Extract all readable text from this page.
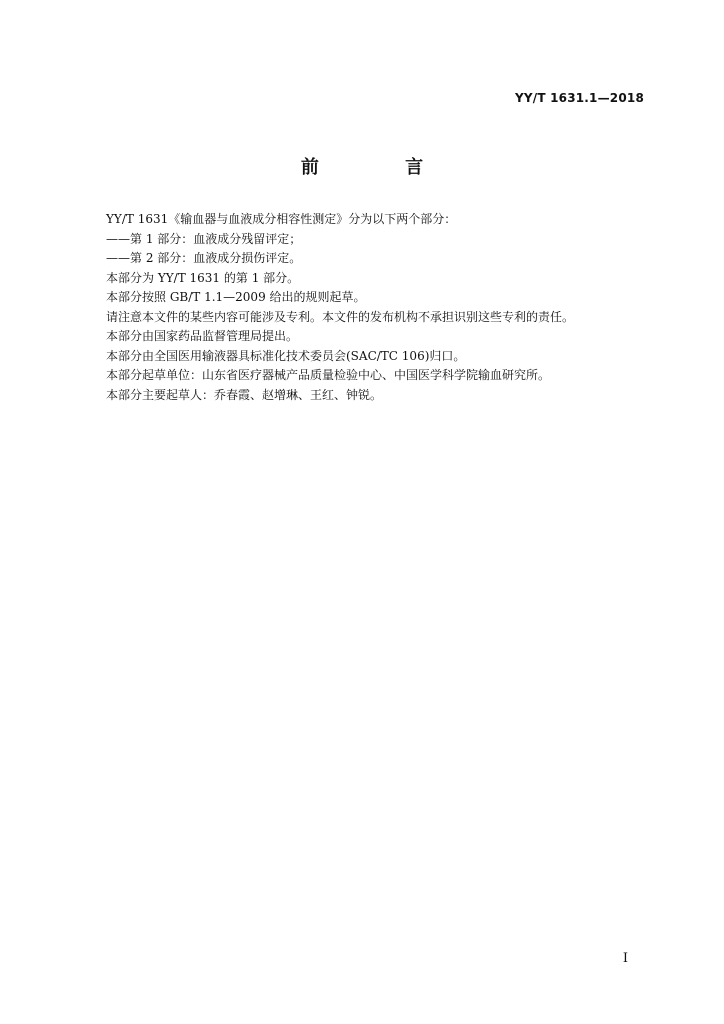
YY/T 1631.1—2018
前 言
YY/T 1631《输血器与血液成分相容性测定》分为以下两个部分：
——第 1 部分：血液成分残留评定；
——第 2 部分：血液成分损伤评定。
本部分为 YY/T 1631 的第 1 部分。
本部分按照 GB/T 1.1—2009 给出的规则起草。
请注意本文件的某些内容可能涉及专利。本文件的发布机构不承担识别这些专利的责任。
本部分由国家药品监督管理局提出。
本部分由全国医用输液器具标准化技术委员会(SAC/TC 106)归口。
本部分起草单位：山东省医疗器械产品质量检验中心、中国医学科学院输血研究所。
本部分主要起草人：乔春霞、赵增琳、王红、钟锐。
I
